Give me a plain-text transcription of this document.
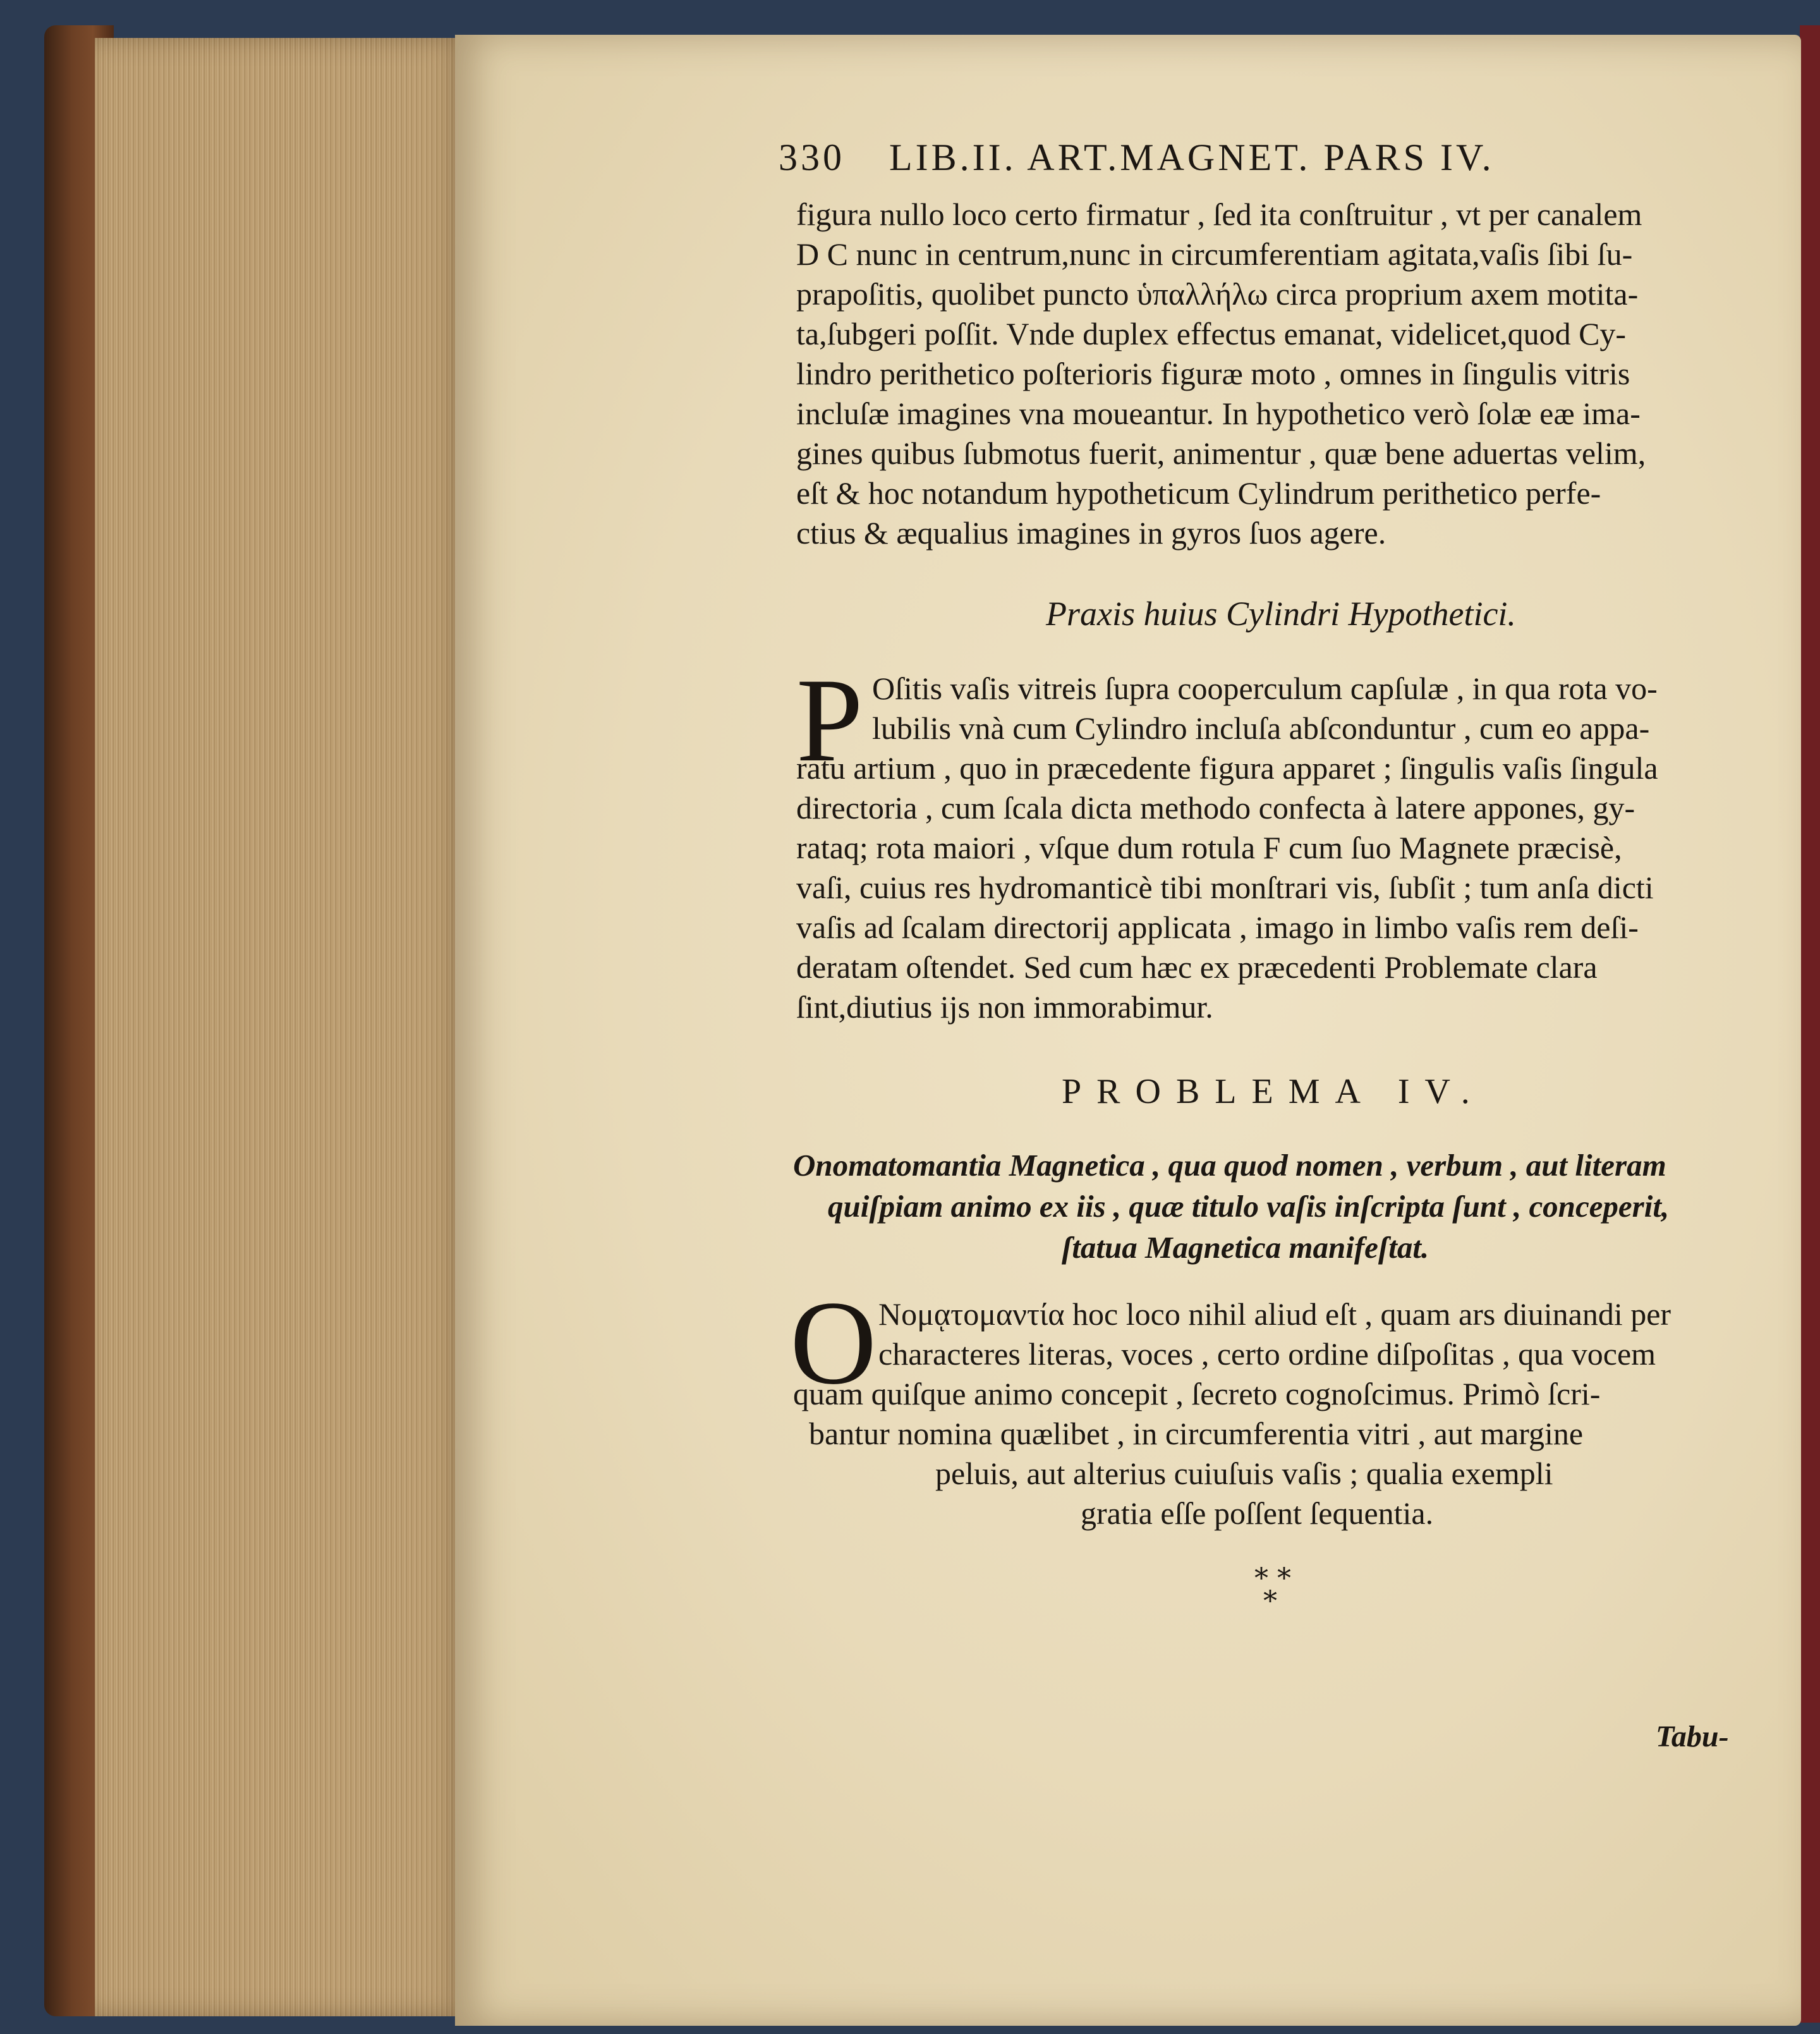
330 LIB.II. ART.MAGNET. PARS IV.
figura nullo loco certo firmatur , ſed ita conſtruitur , vt per canalem
D C nunc in centrum,nunc in circumferentiam agitata,vaſis ſibi ſu-
prapoſitis, quolibet puncto ὑπαλλήλω circa proprium axem motita-
ta,ſubgeri poſſit. Vnde duplex effectus emanat, videlicet,quod Cy-
lindro perithetico poſterioris figuræ moto , omnes in ſingulis vitris
incluſæ imagines vna moueantur. In hypothetico verò ſolæ eæ ima-
gines quibus ſubmotus fuerit, animentur , quæ bene aduertas velim,
eſt & hoc notandum hypotheticum Cylindrum perithetico perfe-
ctius & æqualius imagines in gyros ſuos agere.
Praxis huius Cylindri Hypothetici.
P Oſitis vaſis vitreis ſupra cooperculum capſulæ , in qua rota vo-
lubilis vnà cum Cylindro incluſa abſconduntur , cum eo appa-
ratu artium , quo in præcedente figura apparet ; ſingulis vaſis ſingula
directoria , cum ſcala dicta methodo confecta à latere appones, gy-
rataq; rota maiori , vſque dum rotula F cum ſuo Magnete præcisè,
vaſi, cuius res hydromanticè tibi monſtrari vis, ſubſit ; tum anſa dicti
vaſis ad ſcalam directorij applicata , imago in limbo vaſis rem deſi-
deratam oſtendet. Sed cum hæc ex præcedenti Problemate clara
ſint,diutius ijs non immorabimur.
PROBLEMA IV.
Onomatomantia Magnetica , qua quod nomen , verbum , aut literam
quiſpiam animo ex iis , quæ titulo vaſis inſcripta ſunt , conceperit,
ſtatua Magnetica manifeſtat.
O Νομᾳτομαντία hoc loco nihil aliud eſt , quam ars diuinandi per
characteres literas, voces , certo ordine diſpoſitas , qua vocem
quam quiſque animo concepit , ſecreto cognoſcimus. Primò ſcri-
bantur nomina quælibet , in circumferentia vitri , aut margine
peluis, aut alterius cuiuſuis vaſis ; qualia exempli
gratia eſſe poſſent ſequentia.
* *
*
Tabu-
